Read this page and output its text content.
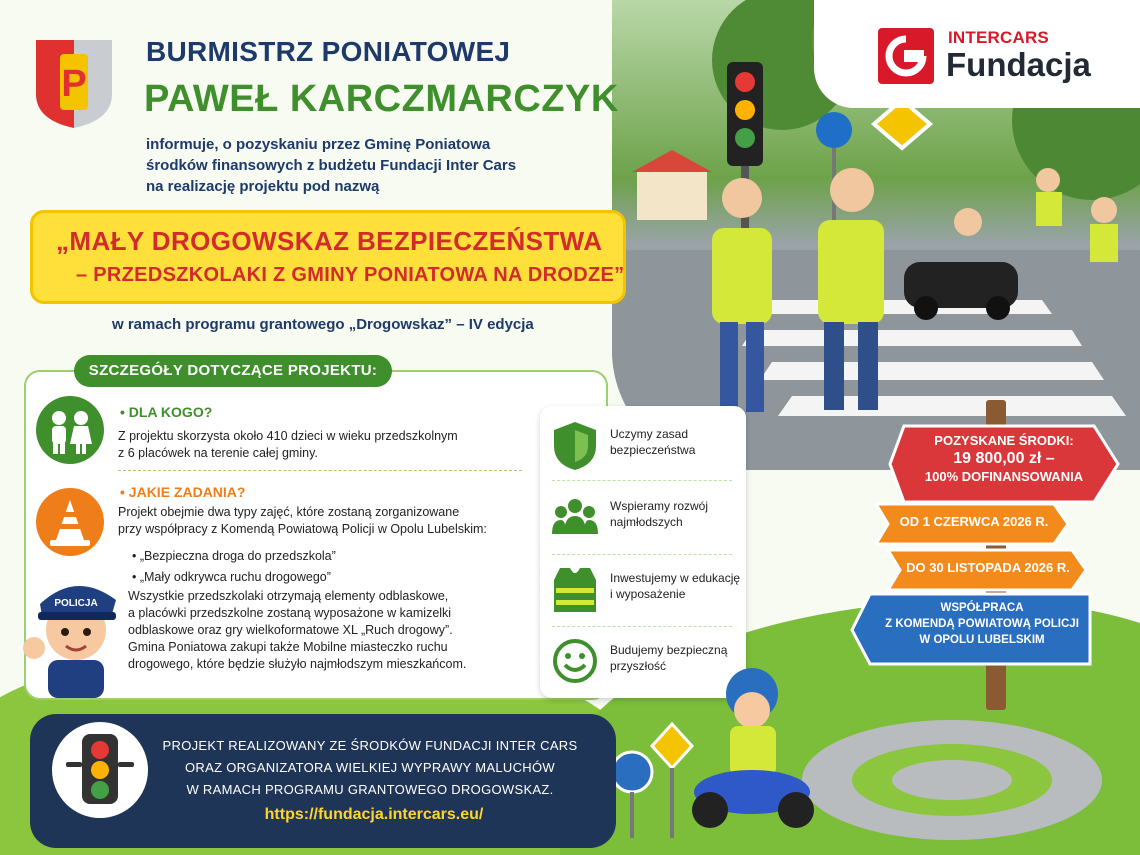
INTERCARS
Fundacja
P
BURMISTRZ PONIATOWEJ
PAWEŁ KARCZMARCZYK
informuje, o pozyskaniu przez Gminę Poniatowa
środków finansowych z budżetu Fundacji Inter Cars
na realizację projektu pod nazwą
„MAŁY DROGOWSKAZ BEZPIECZEŃSTWA
– PRZEDSZKOLAKI Z GMINY PONIATOWA NA DRODZE”
w ramach programu grantowego „Drogowskaz” – IV edycja
SZCZEGÓŁY DOTYCZĄCE PROJEKTU:
• DLA KOGO?
Z projektu skorzysta około 410 dzieci w wieku przedszkolnym
z 6 placówek na terenie całej gminy.
• JAKIE ZADANIA?
Projekt obejmie dwa typy zajęć, które zostaną zorganizowane
przy współpracy z Komendą Powiatową Policji w Opolu Lubelskim:
• „Bezpieczna droga do przedszkola”
• „Mały odkrywca ruchu drogowego”
Wszystkie przedszkolaki otrzymają elementy odblaskowe,
a placówki przedszkolne zostaną wyposażone w kamizelki
odblaskowe oraz gry wielkoformatowe XL „Ruch drogowy”.
Gmina Poniatowa zakupi także Mobilne miasteczko ruchu
drogowego, które będzie służyło najmłodszym mieszkańcom.
POLICJA
Uczymy zasad
bezpieczeństwa
Wspieramy rozwój
najmłodszych
Inwestujemy w edukację
i wyposażenie
Budujemy bezpieczną
przyszłość
POZYSKANE ŚRODKI:
19 800,00 zł –
100% DOFINANSOWANIA
OD 1 CZERWCA 2026 R.
DO 30 LISTOPADA 2026 R.
WSPÓŁPRACA
Z KOMENDĄ POWIATOWĄ POLICJI
W OPOLU LUBELSKIM
PROJEKT REALIZOWANY ZE ŚRODKÓW FUNDACJI INTER CARS
ORAZ ORGANIZATORA WIELKIEJ WYPRAWY MALUCHÓW
W RAMACH PROGRAMU GRANTOWEGO DROGOWSKAZ.
https://fundacja.intercars.eu/
